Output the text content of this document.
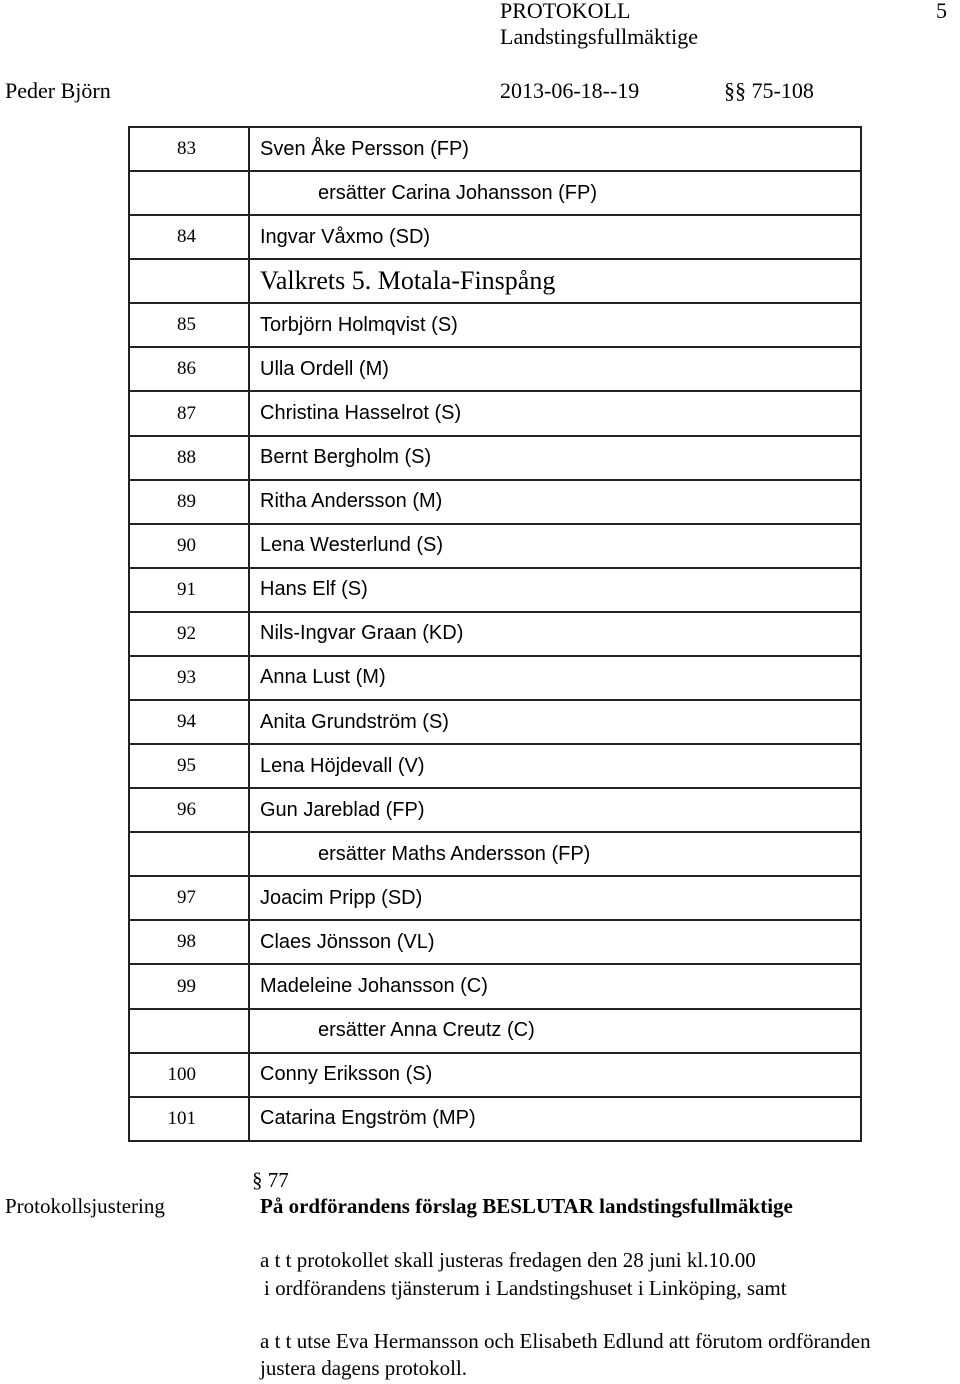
PROTOKOLL	5
Landstingsfullmäktige
Peder Björn	2013-06-18--19	§§ 75-108
83	Sven Åke Persson (FP)
	ersätter Carina Johansson (FP)
84	Ingvar Våxmo (SD)
	Valkrets 5. Motala-Finspång
85	Torbjörn Holmqvist (S)
86	Ulla Ordell (M)
87	Christina Hasselrot (S)
88	Bernt Bergholm (S)
89	Ritha Andersson (M)
90	Lena Westerlund (S)
91	Hans Elf (S)
92	Nils-Ingvar Graan (KD)
93	Anna Lust (M)
94	Anita Grundström (S)
95	Lena Höjdevall (V)
96	Gun Jareblad (FP)
	ersätter Maths Andersson (FP)
97	Joacim Pripp (SD)
98	Claes Jönsson (VL)
99	Madeleine Johansson (C)
	ersätter Anna Creutz (C)
100	Conny Eriksson (S)
101	Catarina Engström (MP)
§ 77
Protokollsjustering	På ordförandens förslag BESLUTAR landstingsfullmäktige
a t t protokollet skall justeras fredagen den 28 juni kl.10.00
i ordförandens tjänsterum i Landstingshuset i Linköping, samt
a t t utse Eva Hermansson och Elisabeth Edlund att förutom ordföranden
justera dagens protokoll.
